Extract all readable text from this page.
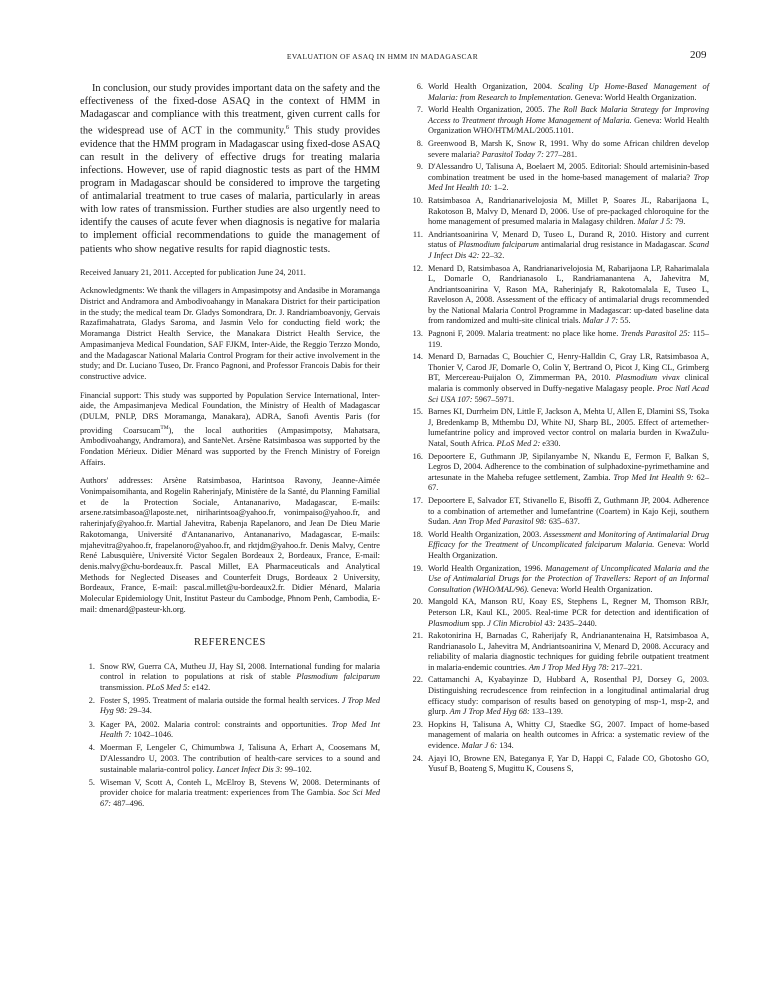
EVALUATION OF ASAQ IN HMM IN MADAGASCAR	209

In conclusion, our study provides important data on the safety and the effectiveness of the fixed-dose ASAQ in the context of HMM in Madagascar and compliance with this treatment, given current calls for the widespread use of ACT in the community.$^6$ This study provides evidence that the HMM program in Madagascar using fixed-dose ASAQ can result in the delivery of effective drugs for treating malaria infections. However, use of rapid diagnostic tests as part of the HMM program in Madagascar should be considered to improve the targeting of antimalarial treatment to true cases of malaria, particularly in areas with low rates of transmission. Further studies are also urgently need to identify the causes of acute fever when diagnosis is negative for malaria to implement official recommendations to guide the management of patients who show negative results for rapid diagnostic tests.

Received January 21, 2011. Accepted for publication June 24, 2011.

Acknowledgments: We thank the villagers in Ampasimpotsy and Andasibe in Moramanga District and Andramora and Ambodivoahangy in Manakara District for their participation in the study; the medical team Dr. Gladys Somondrara, Dr. J. Randriamboavonjy, Gervais Razafimahatrata, Gladys Saroma, and Jasmin Velo for conducting field work; the Moramanga District Health Service, the Manakara District Health Service, the Ampasimanjeva Medical Foundation, SAF FJKM, Inter-Aide, the Reggio Terzzo Mondo, and the Madagascar National Malaria Control Program for their active involvement in the study; and Dr. Luciano Tuseo, Dr. Franco Pagnoni, and Professor Francois Dabis for their constructive advice.

Financial support: This study was supported by Population Service International, Inter-aide, the Ampasimanjeva Medical Foundation, the Ministry of Health of Madagascar (DULM, PNLP, DRS Moramanga, Manakara), ADRA, Sanofi Aventis Paris (for providing Coarsucam™), the local authorities (Ampasimpotsy, Mahatsara, Ambodivoahangy, Andramora), and SanteNet. Arsène Ratsimbasoa was supported by the Fondation Mérieux. Didier Ménard was supported by the French Ministry of Foreign Affairs.

Authors' addresses: Arsène Ratsimbasoa, Harintsoa Ravony, Jeanne-Aimée Vonimpaisomihanta, and Rogelin Raherinjafy, Ministère de la Santé, du Planning Familial et de la Protection Sociale, Antananarivo, Madagascar, E-mails: arsene.ratsimbasoa@laposte.net, niriharintsoa@yahoo.fr, vonimpaiso@yahoo.fr, and raherinjafy@yahoo.fr. Martial Jahevitra, Rabenja Rapelanoro, and Jean De Dieu Marie Rakotomanga, Université d'Antananarivo, Antananarivo, Madagascar, E-mails: mjahevitra@yahoo.fr, frapelanoro@yahoo.fr, and rktjdm@yahoo.fr. Denis Malvy, Centre René Labusquière, Université Victor Segalen Bordeaux 2, Bordeaux, France, E-mail: denis.malvy@chu-bordeaux.fr. Pascal Millet, EA Pharmaceuticals and Analytical Methods for Neglected Diseases and Counterfeit Drugs, Bordeaux 2 University, Bordeaux, France, E-mail: pascal.millet@u-bordeaux2.fr. Didier Ménard, Malaria Molecular Epidemiology Unit, Institut Pasteur du Cambodge, Phnom Penh, Cambodia, E-mail: dmenard@pasteur-kh.org.

REFERENCES
1. Snow RW, Guerra CA, Mutheu JJ, Hay SI, 2008. International funding for malaria control in relation to populations at risk of stable Plasmodium falciparum transmission. PLoS Med 5: e142.
2. Foster S, 1995. Treatment of malaria outside the formal health services. J Trop Med Hyg 98: 29–34.
3. Kager PA, 2002. Malaria control: constraints and opportunities. Trop Med Int Health 7: 1042–1046.
4. Moerman F, Lengeler C, Chimumbwa J, Talisuna A, Erhart A, Coosemans M, D'Alessandro U, 2003. The contribution of health-care services to a sound and sustainable malaria-control policy. Lancet Infect Dis 3: 99–102.
5. Wiseman V, Scott A, Conteh L, McElroy B, Stevens W, 2008. Determinants of provider choice for malaria treatment: experiences from The Gambia. Soc Sci Med 67: 487–496.
6. World Health Organization, 2004. Scaling Up Home-Based Management of Malaria: from Research to Implementation. Geneva: World Health Organization.
7. World Health Organization, 2005. The Roll Back Malaria Strategy for Improving Access to Treatment through Home Management of Malaria. Geneva: World Health Organization WHO/HTM/MAL/2005.1101.
8. Greenwood B, Marsh K, Snow R, 1991. Why do some African children develop severe malaria? Parasitol Today 7: 277–281.
9. D'Alessandro U, Talisuna A, Boelaert M, 2005. Editorial: Should artemisinin-based combination treatment be used in the home-based management of malaria? Trop Med Int Health 10: 1–2.
10. Ratsimbasoa A, Randrianarivelojosia M, Millet P, Soares JL, Rabarijaona L, Rakotoson B, Malvy D, Menard D, 2006. Use of pre-packaged chloroquine for the home management of presumed malaria in Malagasy children. Malar J 5: 79.
11. Andriantsoanirina V, Menard D, Tuseo L, Durand R, 2010. History and current status of Plasmodium falciparum antimalarial drug resistance in Madagascar. Scand J Infect Dis 42: 22–32.
12. Menard D, Ratsimbasoa A, Randrianarivelojosia M, Rabarijaona LP, Raharimalala L, Domarle O, Randrianasolo L, Randriamanantena A, Jahevitra M, Andriantsoanirina V, Rason MA, Raherinjafy R, Rakotomalala E, Tuseo L, Raveloson A, 2008. Assessment of the efficacy of antimalarial drugs recommended by the National Malaria Control Programme in Madagascar: up-dated baseline data from randomized and multi-site clinical trials. Malar J 7: 55.
13. Pagnoni F, 2009. Malaria treatment: no place like home. Trends Parasitol 25: 115–119.
14. Menard D, Barnadas C, Bouchier C, Henry-Halldin C, Gray LR, Ratsimbasoa A, Thonier V, Carod JF, Domarle O, Colin Y, Bertrand O, Picot J, King CL, Grimberg BT, Mercereau-Puijalon O, Zimmerman PA, 2010. Plasmodium vivax clinical malaria is commonly observed in Duffy-negative Malagasy people. Proc Natl Acad Sci USA 107: 5967–5971.
15. Barnes KI, Durrheim DN, Little F, Jackson A, Mehta U, Allen E, Dlamini SS, Tsoka J, Bredenkamp B, Mthembu DJ, White NJ, Sharp BL, 2005. Effect of artemether-lumefantrine policy and improved vector control on malaria burden in KwaZulu-Natal, South Africa. PLoS Med 2: e330.
16. Depoortere E, Guthmann JP, Sipilanyambe N, Nkandu E, Fermon F, Balkan S, Legros D, 2004. Adherence to the combination of sulphadoxine-pyrimethamine and artesunate in the Maheba refugee settlement, Zambia. Trop Med Int Health 9: 62–67.
17. Depoortere E, Salvador ET, Stivanello E, Bisoffi Z, Guthmann JP, 2004. Adherence to a combination of artemether and lumefantrine (Coartem) in Kajo Keji, southern Sudan. Ann Trop Med Parasitol 98: 635–637.
18. World Health Organization, 2003. Assessment and Monitoring of Antimalarial Drug Efficacy for the Treatment of Uncomplicated falciparum Malaria. Geneva: World Health Organization.
19. World Health Organization, 1996. Management of Uncomplicated Malaria and the Use of Antimalarial Drugs for the Protection of Travellers: Report of an Informal Consultation (WHO/MAL/96). Geneva: World Health Organization.
20. Mangold KA, Manson RU, Koay ES, Stephens L, Regner M, Thomson RBJr, Peterson LR, Kaul KL, 2005. Real-time PCR for detection and identification of Plasmodium spp. J Clin Microbiol 43: 2435–2440.
21. Rakotonirina H, Barnadas C, Raherijafy R, Andrianantenaina H, Ratsimbasoa A, Randrianasolo L, Jahevitra M, Andriantsoanirina V, Menard D, 2008. Accuracy and reliability of malaria diagnostic techniques for guiding febrile outpatient treatment in malaria-endemic countries. Am J Trop Med Hyg 78: 217–221.
22. Cattamanchi A, Kyabayinze D, Hubbard A, Rosenthal PJ, Dorsey G, 2003. Distinguishing recrudescence from reinfection in a longitudinal antimalarial drug efficacy study: comparison of results based on genotyping of msp-1, msp-2, and glurp. Am J Trop Med Hyg 68: 133–139.
23. Hopkins H, Talisuna A, Whitty CJ, Staedke SG, 2007. Impact of home-based management of malaria on health outcomes in Africa: a systematic review of the evidence. Malar J 6: 134.
24. Ajayi IO, Browne EN, Bateganya F, Yar D, Happi C, Falade CO, Gbotosho GO, Yusuf B, Boateng S, Mugittu K, Cousens S,
